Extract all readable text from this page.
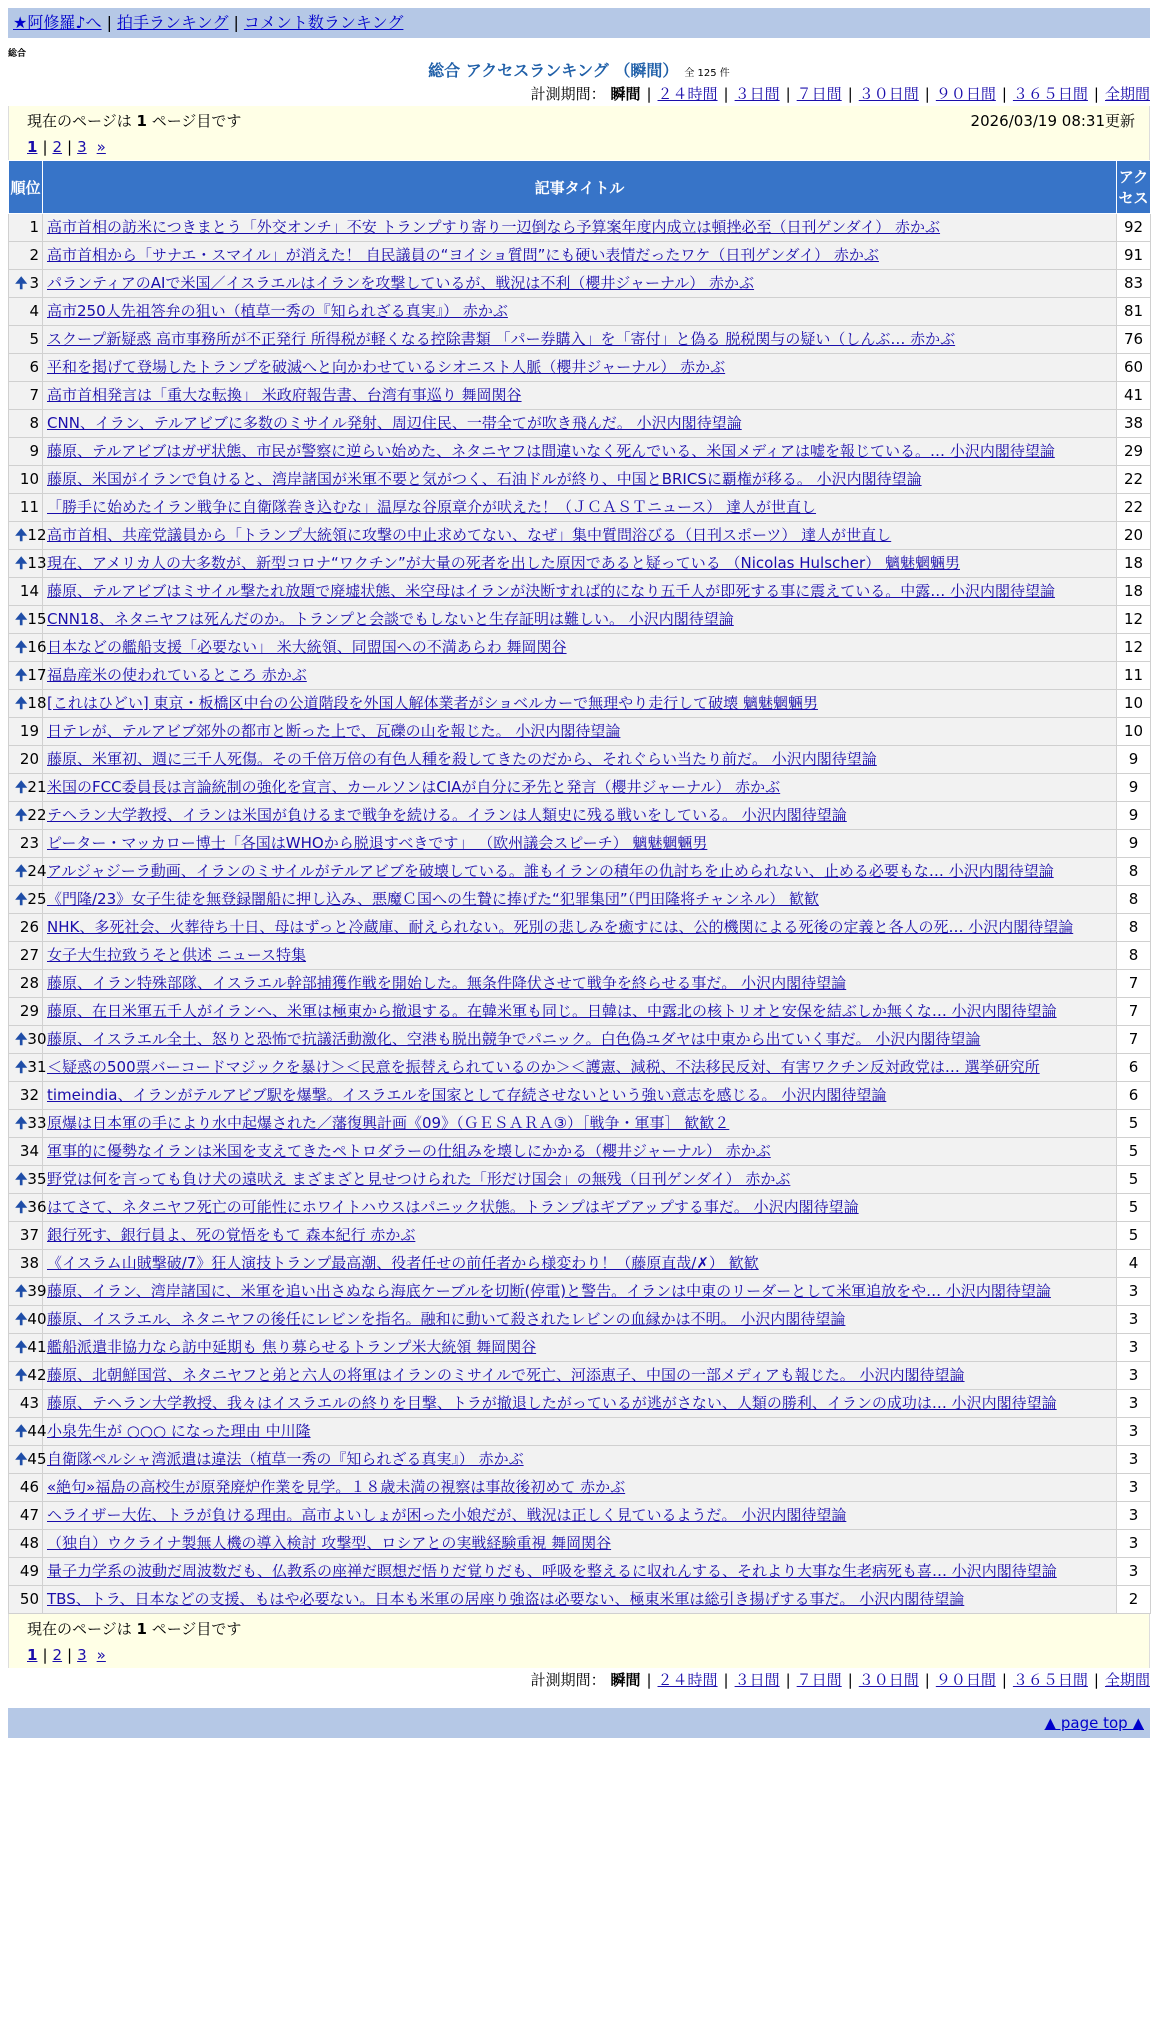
★阿修羅♪へ | 拍手ランキング | コメント数ランキング
総合
総合 アクセスランキング （瞬間） 全 125 件
計測期間： 瞬間 | ２４時間 | ３日間 | ７日間 | ３０日間 | ９０日間 | ３６５日間 | 全期間
現在のページは 1 ページ目です	2026/03/19 08:31更新
1 | 2 | 3 »
順位	記事タイトル	アクセス
1	高市首相の訪米につきまとう「外交オンチ」不安 トランプすり寄り一辺倒なら予算案年度内成立は頓挫必至（日刊ゲンダイ） 赤かぶ	92
2	高市首相から「サナエ・スマイル」が消えた！ 自民議員の“ヨイショ質問”にも硬い表情だったワケ（日刊ゲンダイ） 赤かぶ	91

🠉 3	パランティアのAIで米国／イスラエルはイランを攻撃しているが、戦況は不利（櫻井ジャーナル） 赤かぶ	83
4	高市250人先祖答弁の狙い（植草一秀の『知られざる真実』） 赤かぶ	81
5	スクープ新疑惑 高市事務所が不正発行 所得税が軽くなる控除書類 「パー券購入」を「寄付」と偽る 脱税関与の疑い（しんぶ… 赤かぶ	76
6	平和を掲げて登場したトランプを破滅へと向かわせているシオニスト人脈（櫻井ジャーナル） 赤かぶ	60
7	高市首相発言は「重大な転換」 米政府報告書、台湾有事巡り 舞岡関谷	41
8	CNN、イラン、テルアビブに多数のミサイル発射、周辺住民、一帯全てが吹き飛んだ。 小沢内閣待望論	38
9	藤原、テルアビブはガザ状態、市民が警察に逆らい始めた、ネタニヤフは間違いなく死んでいる、米国メディアは嘘を報じている。… 小沢内閣待望論	29
10	藤原、米国がイランで負けると、湾岸諸国が米軍不要と気がつく、石油ドルが終り、中国とBRICSに覇権が移る。 小沢内閣待望論	22
11	「勝手に始めたイラン戦争に自衛隊巻き込むな」温厚な谷原章介が吠えた！（ＪＣＡＳＴニュース） 達人が世直し	22

🠉 12	高市首相、共産党議員から「トランプ大統領に攻撃の中止求めてない、なぜ」集中質問浴びる（日刊スポーツ） 達人が世直し	20

🠉 13	現在、アメリカ人の大多数が、新型コロナ“ワクチン”が大量の死者を出した原因であると疑っている （Nicolas Hulscher） 魑魅魍魎男	18
14	藤原、テルアビブはミサイル撃たれ放題で廃墟状態、米空母はイランが決断すれば的になり五千人が即死する事に震えている。中露… 小沢内閣待望論	18

🠉 15	CNN18、ネタニヤフは死んだのか。トランプと会談でもしないと生存証明は難しい。 小沢内閣待望論	12

🠉 16	日本などの艦船支援「必要ない」 米大統領、同盟国への不満あらわ 舞岡関谷	12

🠉 17	福島産米の使われているところ 赤かぶ	11

🠉 18	[これはひどい] 東京・板橋区中台の公道階段を外国人解体業者がショベルカーで無理やり走行して破壊 魑魅魍魎男	10
19	日テレが、テルアビブ郊外の都市と断った上で、瓦礫の山を報じた。 小沢内閣待望論	10
20	藤原、米軍初、週に三千人死傷。その千倍万倍の有色人種を殺してきたのだから、それぐらい当たり前だ。 小沢内閣待望論	9

🠉 21	米国のFCC委員長は言論統制の強化を宣言、カールソンはCIAが自分に矛先と発言（櫻井ジャーナル） 赤かぶ	9

🠉 22	テヘラン大学教授、イランは米国が負けるまで戦争を続ける。イランは人類史に残る戦いをしている。 小沢内閣待望論	9
23	ピーター・マッカロー博士「各国はWHOから脱退すべきです」 （欧州議会スピーチ） 魑魅魍魎男	9

🠉 24	アルジャジーラ動画、イランのミサイルがテルアビブを破壊している。誰もイランの積年の仇討ちを止められない、止める必要もな… 小沢内閣待望論	8

🠉 25	《門隆/23》女子生徒を無登録闇船に押し込み、悪魔Ｃ国への生贄に捧げた“犯罪集団”（門田隆将チャンネル） 歓歓	8
26	NHK、多死社会、火葬待ち十日、母はずっと冷蔵庫、耐えられない。死別の悲しみを癒すには、公的機関による死後の定義と各人の死… 小沢内閣待望論	8
27	女子大生拉致うそと供述 ニュース特集	8
28	藤原、イラン特殊部隊、イスラエル幹部捕獲作戦を開始した。無条件降伏させて戦争を終らせる事だ。 小沢内閣待望論	7
29	藤原、在日米軍五千人がイランへ、米軍は極東から撤退する。在韓米軍も同じ。日韓は、中露北の核トリオと安保を結ぶしか無くな… 小沢内閣待望論	7

🠉 30	藤原、イスラエル全土、怒りと恐怖で抗議活動激化、空港も脱出競争でパニック。白色偽ユダヤは中東から出ていく事だ。 小沢内閣待望論	7

🠉 31	＜疑惑の500票バーコードマジックを暴け＞＜民意を振替えられているのか＞＜護憲、減税、不法移民反対、有害ワクチン反対政党は… 選挙研究所	6
32	timeindia、イランがテルアビブ駅を爆撃。イスラエルを国家として存続させないという強い意志を感じる。 小沢内閣待望論	6

🠉 33	原爆は日本軍の手により水中起爆された／藩復興計画《09》（ＧＥＳＡＲＡ③）［戦争・軍事］ 歓歓２	5
34	軍事的に優勢なイランは米国を支えてきたペトロダラーの仕組みを壊しにかかる（櫻井ジャーナル） 赤かぶ	5

🠉 35	野党は何を言っても負け犬の遠吠え まざまざと見せつけられた「形だけ国会」の無残（日刊ゲンダイ） 赤かぶ	5

🠉 36	はてさて、ネタニヤフ死亡の可能性にホワイトハウスはパニック状態。トランプはギブアップする事だ。 小沢内閣待望論	5
37	銀行死す、銀行員よ、死の覚悟をもて 森本紀行 赤かぶ	5
38	《イスラム山賊撃破/7》狂人演技トランプ最高潮、役者任せの前任者から様変わり！（藤原直哉/✗） 歓歓	4

🠉 39	藤原、イラン、湾岸諸国に、米軍を追い出さぬなら海底ケーブルを切断(停電)と警告。イランは中東のリーダーとして米軍追放をや… 小沢内閣待望論	3

🠉 40	藤原、イスラエル、ネタニヤフの後任にレビンを指名。融和に動いて殺されたレビンの血縁かは不明。 小沢内閣待望論	3

🠉 41	艦船派遣非協力なら訪中延期も 焦り募らせるトランプ米大統領 舞岡関谷	3

🠉 42	藤原、北朝鮮国営、ネタニヤフと弟と六人の将軍はイランのミサイルで死亡、河添恵子、中国の一部メディアも報じた。 小沢内閣待望論	3
43	藤原、テヘラン大学教授、我々はイスラエルの終りを目撃、トラが撤退したがっているが逃がさない、人類の勝利、イランの成功は… 小沢内閣待望論	3

🠉 44	小泉先生が ○○○ になった理由 中川隆	3

🠉 45	自衛隊ペルシャ湾派遣は違法（植草一秀の『知られざる真実』） 赤かぶ	3
46	«絶句»福島の高校生が原発廃炉作業を見学。１８歳未満の視察は事故後初めて 赤かぶ	3
47	ヘライザー大佐、トラが負ける理由。高市よいしょが困った小娘だが、戦況は正しく見ているようだ。 小沢内閣待望論	3
48	（独自）ウクライナ製無人機の導入検討 攻撃型、ロシアとの実戦経験重視 舞岡関谷	3
49	量子力学系の波動だ周波数だも、仏教系の座禅だ瞑想だ悟りだ覚りだも、呼吸を整えるに収れんする、それより大事な生老病死も喜… 小沢内閣待望論	3
50	TBS、トラ、日本などの支援、もはや必要ない。日本も米軍の居座り強盗は必要ない、極東米軍は総引き揚げする事だ。 小沢内閣待望論	2
現在のページは 1 ページ目です
1 | 2 | 3 »
計測期間： 瞬間 | ２４時間 | ３日間 | ７日間 | ３０日間 | ９０日間 | ３６５日間 | 全期間
▲ page top ▲
